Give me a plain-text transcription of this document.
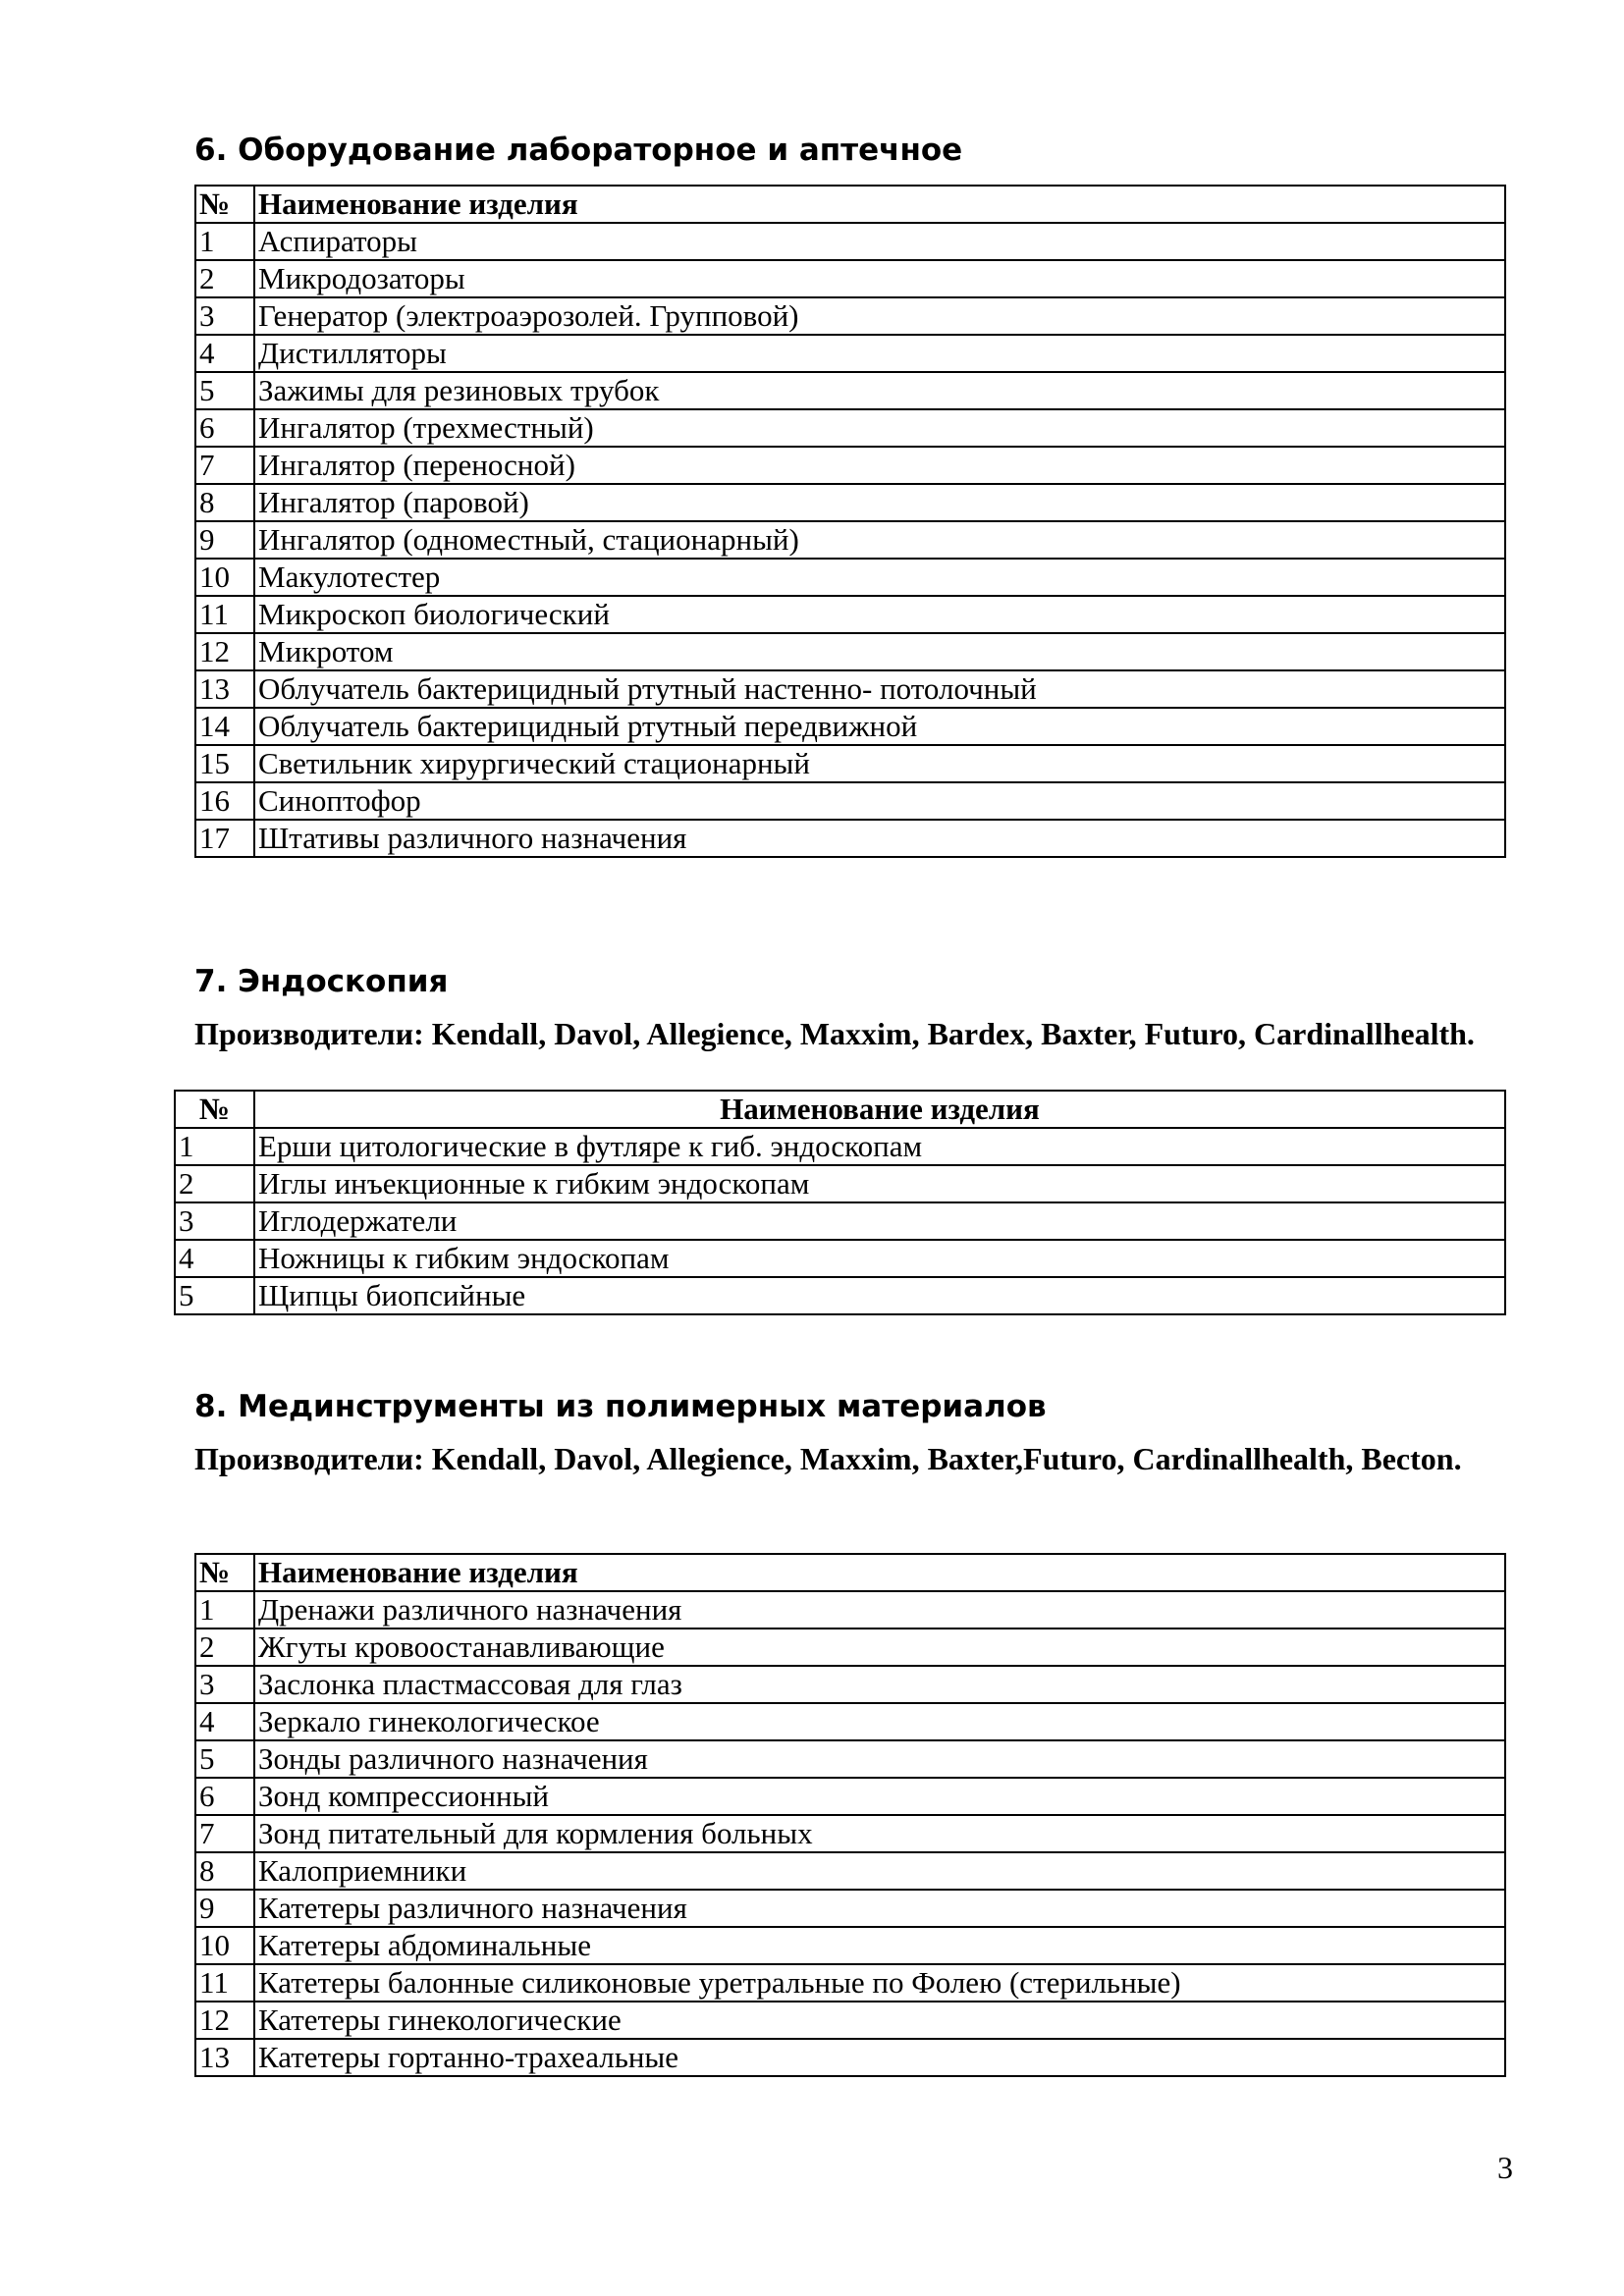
6. Оборудование лабораторное и аптечное
№	Наименование изделия
1	Аспираторы
2	Микродозаторы
3	Генератор (электроаэрозолей. Групповой)
4	Дистилляторы
5	Зажимы для резиновых трубок
6	Ингалятор (трехместный)
7	Ингалятор (переносной)
8	Ингалятор (паровой)
9	Ингалятор (одноместный, стационарный)
10	Макулотестер
11	Микроскоп биологический
12	Микротом
13	Облучатель бактерицидный ртутный настенно- потолочный
14	Облучатель бактерицидный ртутный передвижной
15	Светильник хирургический стационарный
16	Синоптофор
17	Штативы различного назначения
7. Эндоскопия

Производители: Kendall, Davol, Allegience, Maxxim, Bardex, Baxter, Futuro, Cardinallhealth.

№	Наименование изделия
1	Ерши цитологические в футляре к гиб. эндоскопам
2	Иглы инъекционные к гибким эндоскопам
3	Иглодержатели
4	Ножницы к гибким эндоскопам
5	Щипцы биопсийные
8. Мединструменты из полимерных материалов

Производители: Kendall, Davol, Allegience, Maxxim, Baxter,Futuro, Cardinallhealth, Becton.

№	Наименование изделия
1	Дренажи различного назначения
2	Жгуты кровоостанавливающие
3	Заслонка пластмассовая для глаз
4	Зеркало гинекологическое
5	Зонды различного назначения
6	Зонд компрессионный
7	Зонд питательный для кормления больных
8	Калоприемники
9	Катетеры различного назначения
10	Катетеры абдоминальные
11	Катетеры балонные силиконовые уретральные по Фолею (стерильные)
12	Катетеры гинекологические
13	Катетеры гортанно-трахеальные
3
